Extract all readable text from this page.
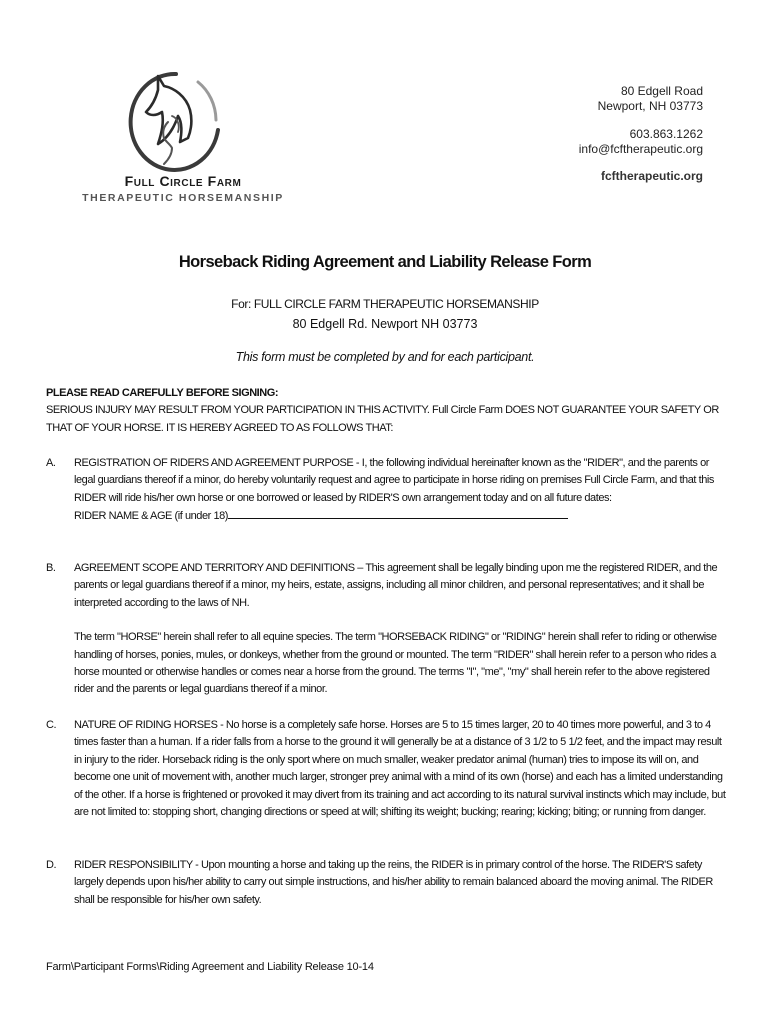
Full Circle Farm
THERAPEUTIC HORSEMANSHIP
80 Edgell Road
Newport, NH 03773
603.863.1262
info@fcftherapeutic.org
fcftherapeutic.org
Horseback Riding Agreement and Liability Release Form
For: FULL CIRCLE FARM THERAPEUTIC HORSEMANSHIP
80 Edgell Rd. Newport NH 03773
This form must be completed by and for each participant.
PLEASE READ CAREFULLY BEFORE SIGNING:
SERIOUS INJURY MAY RESULT FROM YOUR PARTICIPATION IN THIS ACTIVITY. Full Circle Farm DOES NOT GUARANTEE YOUR SAFETY OR THAT OF YOUR HORSE. IT IS HEREBY AGREED TO AS FOLLOWS THAT:
A.	REGISTRATION OF RIDERS AND AGREEMENT PURPOSE - I, the following individual hereinafter known as the "RIDER", and the parents or legal guardians thereof if a minor, do hereby voluntarily request and agree to participate in horse riding on premises Full Circle Farm, and that this RIDER will ride his/her own horse or one borrowed or leased by RIDER'S own arrangement today and on all future dates:
RIDER NAME & AGE (if under 18)
B.	AGREEMENT SCOPE AND TERRITORY AND DEFINITIONS – This agreement shall be legally binding upon me the registered RIDER, and the parents or legal guardians thereof if a minor, my heirs, estate, assigns, including all minor children, and personal representatives; and it shall be interpreted according to the laws of NH.
The term "HORSE" herein shall refer to all equine species. The term "HORSEBACK RIDING" or "RIDING" herein shall refer to riding or otherwise handling of horses, ponies, mules, or donkeys, whether from the ground or mounted. The term "RIDER" shall herein refer to a person who rides a horse mounted or otherwise handles or comes near a horse from the ground. The terms "I", "me", "my" shall herein refer to the above registered rider and the parents or legal guardians thereof if a minor.
C.	NATURE OF RIDING HORSES - No horse is a completely safe horse. Horses are 5 to 15 times larger, 20 to 40 times more powerful, and 3 to 4 times faster than a human. If a rider falls from a horse to the ground it will generally be at a distance of 3 1/2 to 5 1/2 feet, and the impact may result in injury to the rider. Horseback riding is the only sport where on much smaller, weaker predator animal (human) tries to impose its will on, and become one unit of movement with, another much larger, stronger prey animal with a mind of its own (horse) and each has a limited understanding of the other. If a horse is frightened or provoked it may divert from its training and act according to its natural survival instincts which may include, but are not limited to: stopping short, changing directions or speed at will; shifting its weight; bucking; rearing; kicking; biting; or running from danger.
D.	RIDER RESPONSIBILITY - Upon mounting a horse and taking up the reins, the RIDER is in primary control of the horse. The RIDER'S safety largely depends upon his/her ability to carry out simple instructions, and his/her ability to remain balanced aboard the moving animal. The RIDER shall be responsible for his/her own safety.
Farm\Participant Forms\Riding Agreement and Liability Release 10-14
